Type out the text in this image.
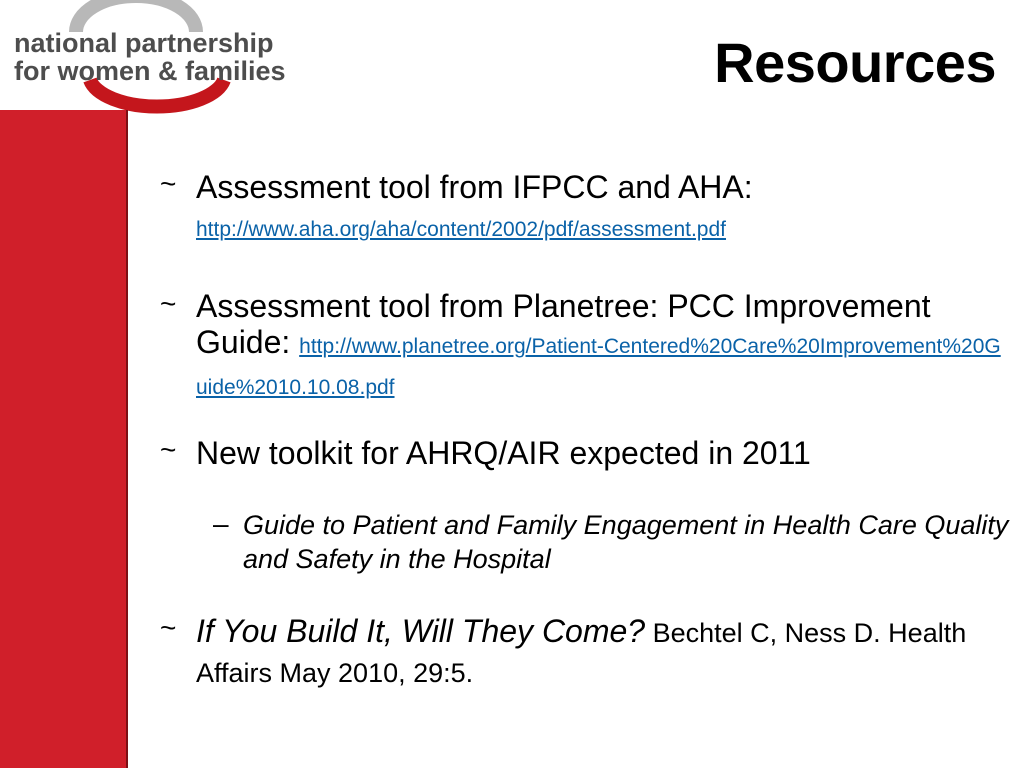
national partnership
for women & families	Resources
~ Assessment tool from IFPCC and AHA:
http://www.aha.org/aha/content/2002/pdf/assessment.pdf
~ Assessment tool from Planetree: PCC Improvement Guide: http://www.planetree.org/Patient-Centered%20Care%20Improvement%20Guide%2010.10.08.pdf
~ New toolkit for AHRQ/AIR expected in 2011
– Guide to Patient and Family Engagement in Health Care Quality and Safety in the Hospital
~ If You Build It, Will They Come? Bechtel C, Ness D. Health Affairs May 2010, 29:5.
